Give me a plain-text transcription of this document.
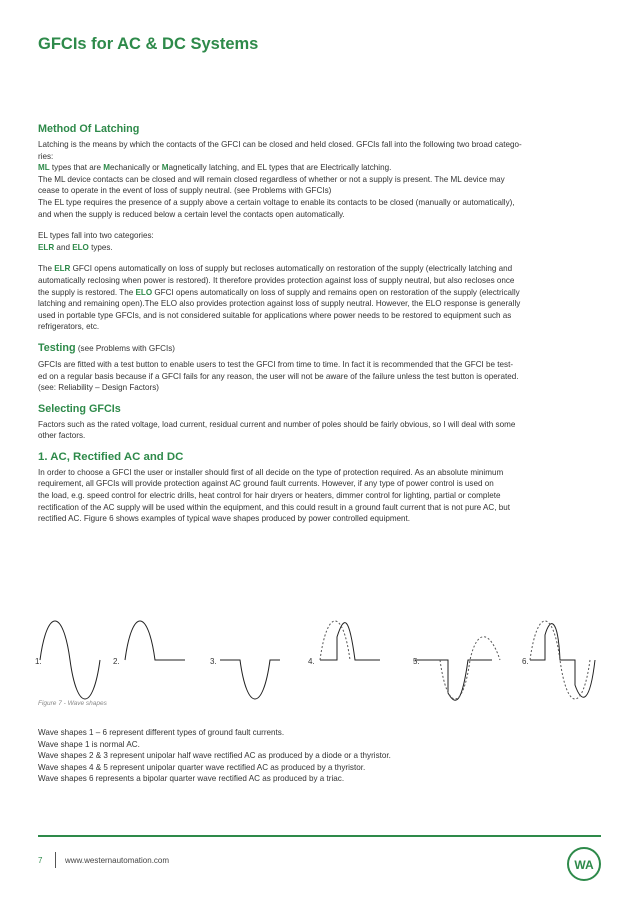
GFCIs for AC & DC Systems
Method Of Latching

Latching is the means by which the contacts of the GFCI can be closed and held closed. GFCIs fall into the following two broad catego-
ries:

ML types that are Mechanically or Magnetically latching, and EL types that are Electrically latching.

The ML device contacts can be closed and will remain closed regardless of whether or not a supply is present. The ML device may
cease to operate in the event of loss of supply neutral. (see Problems with GFCIs)

The EL type requires the presence of a supply above a certain voltage to enable its contacts to be closed (manually or automatically),
and when the supply is reduced below a certain level the contacts open automatically.

EL types fall into two categories:

ELR and ELO types.

The ELR GFCI opens automatically on loss of supply but recloses automatically on restoration of the supply (electrically latching and
automatically reclosing when power is restored). It therefore provides protection against loss of supply neutral, but also recloses once
the supply is restored. The ELO GFCI opens automatically on loss of supply and remains open on restoration of the supply (electrically
latching and remaining open).The ELO also provides protection against loss of supply neutral. However, the ELO response is generally
used in portable type GFCIs, and is not considered suitable for applications where power needs to be restored to equipment such as
refrigerators, etc.

Testing (see Problems with GFCIs)

GFCIs are fitted with a test button to enable users to test the GFCI from time to time. In fact it is recommended that the GFCI be test-
ed on a regular basis because if a GFCI fails for any reason, the user will not be aware of the failure unless the test button is operated.
(see: Reliability – Design Factors)

Selecting GFCIs

Factors such as the rated voltage, load current, residual current and number of poles should be fairly obvious, so I will deal with some
other factors.

1. AC, Rectified AC and DC

In order to choose a GFCI the user or installer should first of all decide on the type of protection required. As an absolute minimum
requirement, all GFCIs will provide protection against AC ground fault currents. However, if any type of power control is used on
the load, e.g. speed control for electric drills, heat control for hair dryers or heaters, dimmer control for lighting, partial or complete
rectification of the AC supply will be used within the equipment, and this could result in a ground fault current that is not pure AC, but
rectified AC. Figure 6 shows examples of typical wave shapes produced by power controlled equipment.

1.	2.	3.	4.	5.	6.
Figure 7 - Wave shapes

Wave shapes 1 – 6 represent different types of ground fault currents.

Wave shape 1 is normal AC.

Wave shapes 2 & 3 represent unipolar half wave rectified AC as produced by a diode or a thyristor.

Wave shapes 4 & 5 represent unipolar quarter wave rectified AC as produced by a thyristor.

Wave shapes 6 represents a bipolar quarter wave rectified AC as produced by a triac.

7	www.westernautomation.com	WA
